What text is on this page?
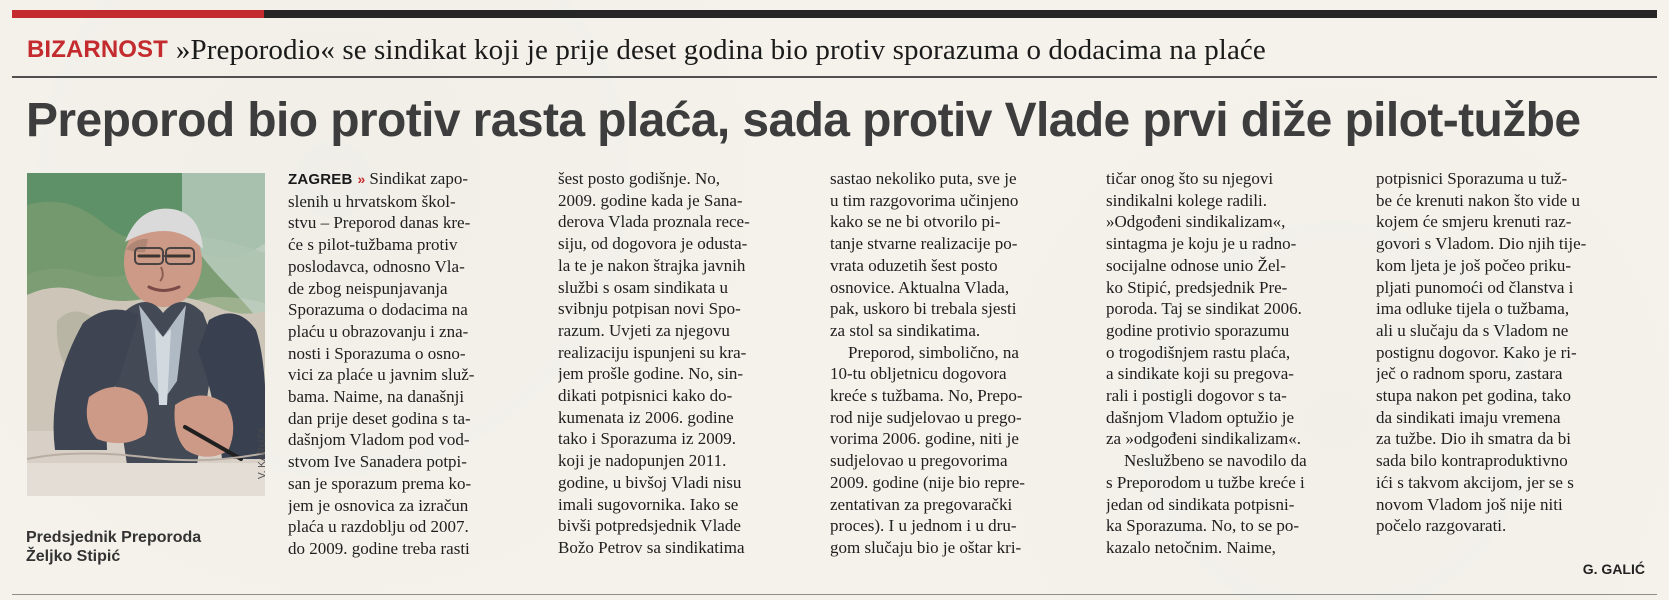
BIZARNOST »Preporodio« se sindikat koji je prije deset godina bio protiv sporazuma o dodacima na plaće
Preporod bio protiv rasta plaća, sada protiv Vlade prvi diže pilot-tužbe
V. KARUZA
Predsjednik Preporoda
Željko Stipić
ZAGREB » Sindikat zapo-
slenih u hrvatskom škol-
stvu – Preporod danas kre-
će s pilot-tužbama protiv
poslodavca, odnosno Vla-
de zbog neispunjavanja
Sporazuma o dodacima na
plaću u obrazovanju i zna-
nosti i Sporazuma o osno-
vici za plaće u javnim služ-
bama. Naime, na današnji
dan prije deset godina s ta-
dašnjom Vladom pod vod-
stvom Ive Sanadera potpi-
san je sporazum prema ko-
jem je osnovica za izračun
plaća u razdoblju od 2007.
do 2009. godine treba rasti
šest posto godišnje. No,
2009. godine kada je Sana-
derova Vlada proznala rece-
siju, od dogovora je odusta-
la te je nakon štrajka javnih
službi s osam sindikata u
svibnju potpisan novi Spo-
razum. Uvjeti za njegovu
realizaciju ispunjeni su kra-
jem prošle godine. No, sin-
dikati potpisnici kako do-
kumenata iz 2006. godine
tako i Sporazuma iz 2009.
koji je nadopunjen 2011.
godine, u bivšoj Vladi nisu
imali sugovornika. Iako se
bivši potpredsjednik Vlade
Božo Petrov sa sindikatima
sastao nekoliko puta, sve je
u tim razgovorima učinjeno
kako se ne bi otvorilo pi-
tanje stvarne realizacije po-
vrata oduzetih šest posto
osnovice. Aktualna Vlada,
pak, uskoro bi trebala sjesti
za stol sa sindikatima.
Preporod, simbolično, na
10-tu obljetnicu dogovora
kreće s tužbama. No, Prepo-
rod nije sudjelovao u prego-
vorima 2006. godine, niti je
sudjelovao u pregovorima
2009. godine (nije bio repre-
zentativan za pregovarački
proces). I u jednom i u dru-
gom slučaju bio je oštar kri-
tičar onog što su njegovi
sindikalni kolege radili.
»Odgođeni sindikalizam«,
sintagma je koju je u radno-
socijalne odnose unio Žel-
ko Stipić, predsjednik Pre-
poroda. Taj se sindikat 2006.
godine protivio sporazumu
o trogodišnjem rastu plaća,
a sindikate koji su pregova-
rali i postigli dogovor s ta-
dašnjom Vladom optužio je
za »odgođeni sindikalizam«.
Neslužbeno se navodilo da
s Preporodom u tužbe kreće i
jedan od sindikata potpisni-
ka Sporazuma. No, to se po-
kazalo netočnim. Naime,
potpisnici Sporazuma u tuž-
be će krenuti nakon što vide u
kojem će smjeru krenuti raz-
govori s Vladom. Dio njih tije-
kom ljeta je još počeo priku-
pljati punomoći od članstva i
ima odluke tijela o tužbama,
ali u slučaju da s Vladom ne
postignu dogovor. Kako je ri-
ječ o radnom sporu, zastara
stupa nakon pet godina, tako
da sindikati imaju vremena
za tužbe. Dio ih smatra da bi
sada bilo kontraproduktivno
ići s takvom akcijom, jer se s
novom Vladom još nije niti
počelo razgovarati.
G. GALIĆ
